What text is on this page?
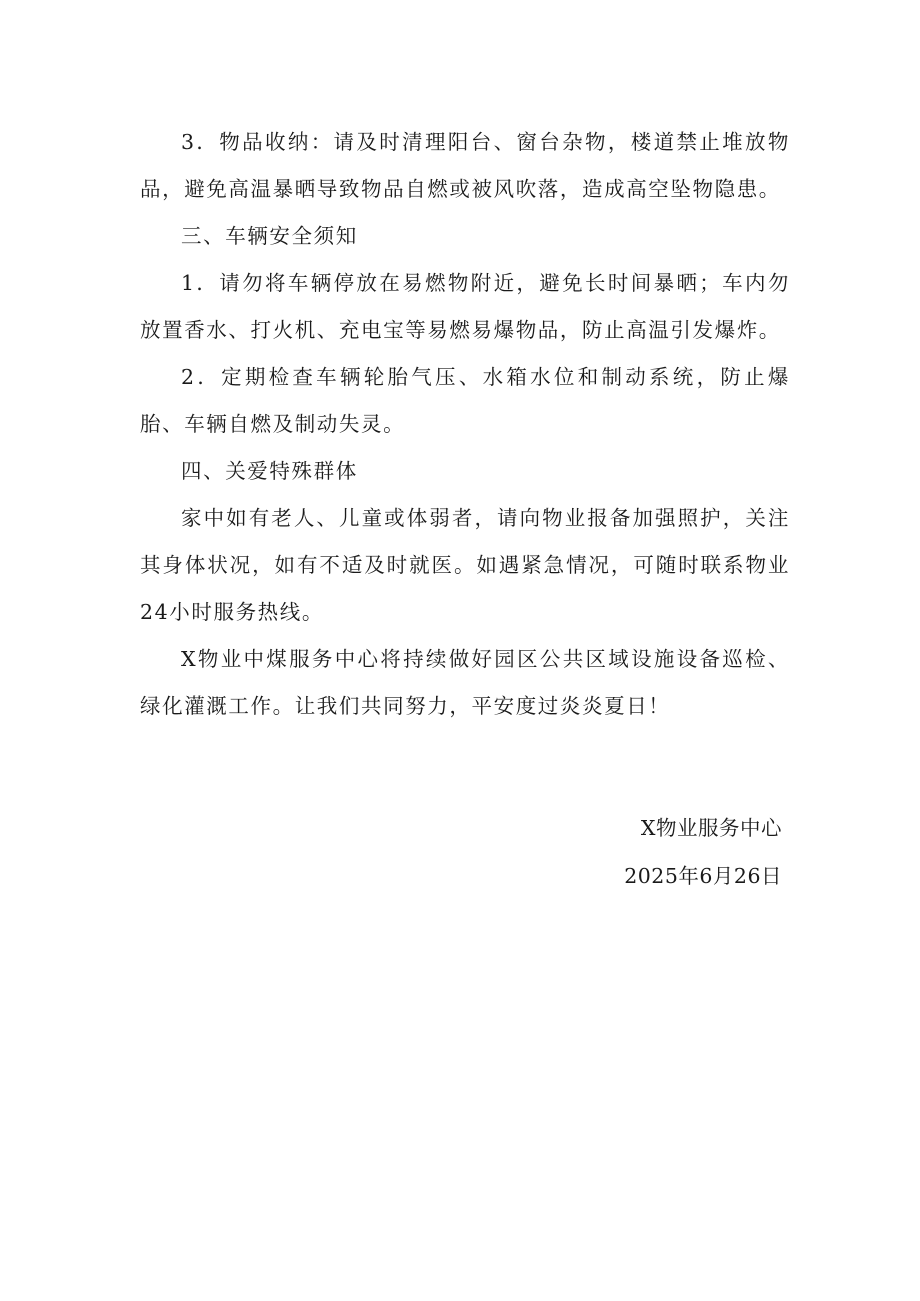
3．物品收纳：请及时清理阳台、窗台杂物，楼道禁止堆放物品，避免高温暴晒导致物品自燃或被风吹落，造成高空坠物隐患。

三、车辆安全须知

1．请勿将车辆停放在易燃物附近，避免长时间暴晒；车内勿放置香水、打火机、充电宝等易燃易爆物品，防止高温引发爆炸。

2．定期检查车辆轮胎气压、水箱水位和制动系统，防止爆胎、车辆自燃及制动失灵。

四、关爱特殊群体

家中如有老人、儿童或体弱者，请向物业报备加强照护，关注其身体状况，如有不适及时就医。如遇紧急情况，可随时联系物业24小时服务热线。

X物业中煤服务中心将持续做好园区公共区域设施设备巡检、绿化灌溉工作。让我们共同努力，平安度过炎炎夏日！

X物业服务中心
2025年6月26日
